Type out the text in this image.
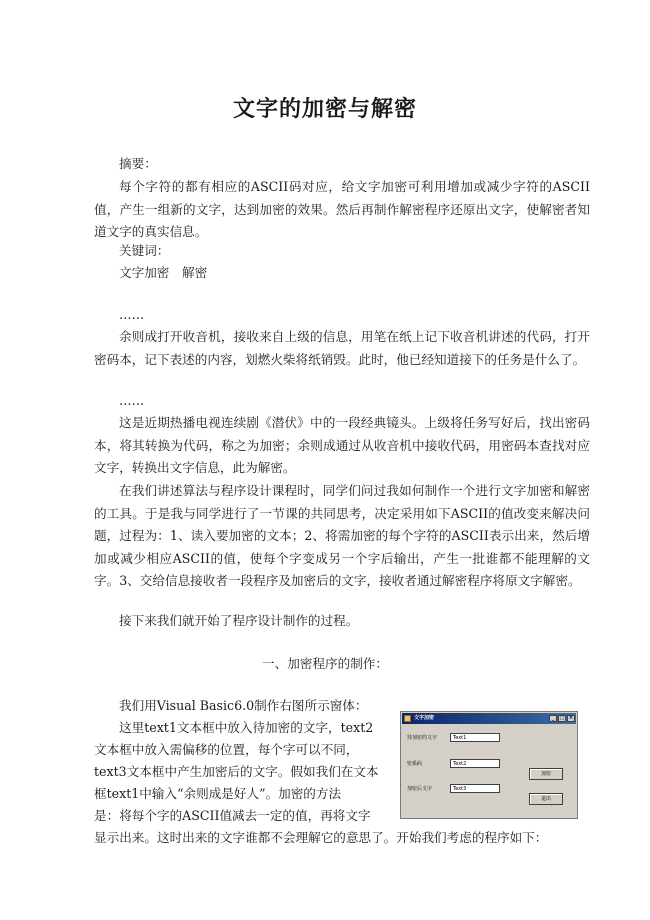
文字的加密与解密

摘要：

每个字符的都有相应的ASCII码对应，给文字加密可利用增加或减少字符的ASCII值，产生一组新的文字，达到加密的效果。然后再制作解密程序还原出文字，使解密者知道文字的真实信息。

关键词：

文字加密　解密

……

余则成打开收音机，接收来自上级的信息，用笔在纸上记下收音机讲述的代码，打开密码本，记下表述的内容，划燃火柴将纸销毁。此时，他已经知道接下的任务是什么了。

……

这是近期热播电视连续剧《潜伏》中的一段经典镜头。上级将任务写好后，找出密码本，将其转换为代码，称之为加密；余则成通过从收音机中接收代码，用密码本查找对应文字，转换出文字信息，此为解密。

在我们讲述算法与程序设计课程时，同学们问过我如何制作一个进行文字加密和解密的工具。于是我与同学进行了一节课的共同思考，决定采用如下ASCII的值改变来解决问题，过程为：1、读入要加密的文本；2、将需加密的每个字符的ASCII表示出来，然后增加或减少相应ASCII的值，使每个字变成另一个字后输出，产生一批谁都不能理解的文字。3、交给信息接收者一段程序及加密后的文字，接收者通过解密程序将原文字解密。

接下来我们就开始了程序设计制作的过程。

一、加密程序的制作：

我们用Visual Basic6.0制作右图所示窗体：

这里text1文本框中放入待加密的文字，text2

文本框中放入需偏移的位置，每个字可以不同，

text3文本框中产生加密后的文字。假如我们在文本

框text1中输入“余则成是好人”。加密的方法

是：将每个字的ASCII值减去一定的值，再将文字

显示出来。这时出来的文字谁都不会理解它的意思了。开始我们考虑的程序如下：

文字加密	_	□ ×
待加密的文字	Text1
密系码	Text2
加密后文字	Text3
加密
退出
